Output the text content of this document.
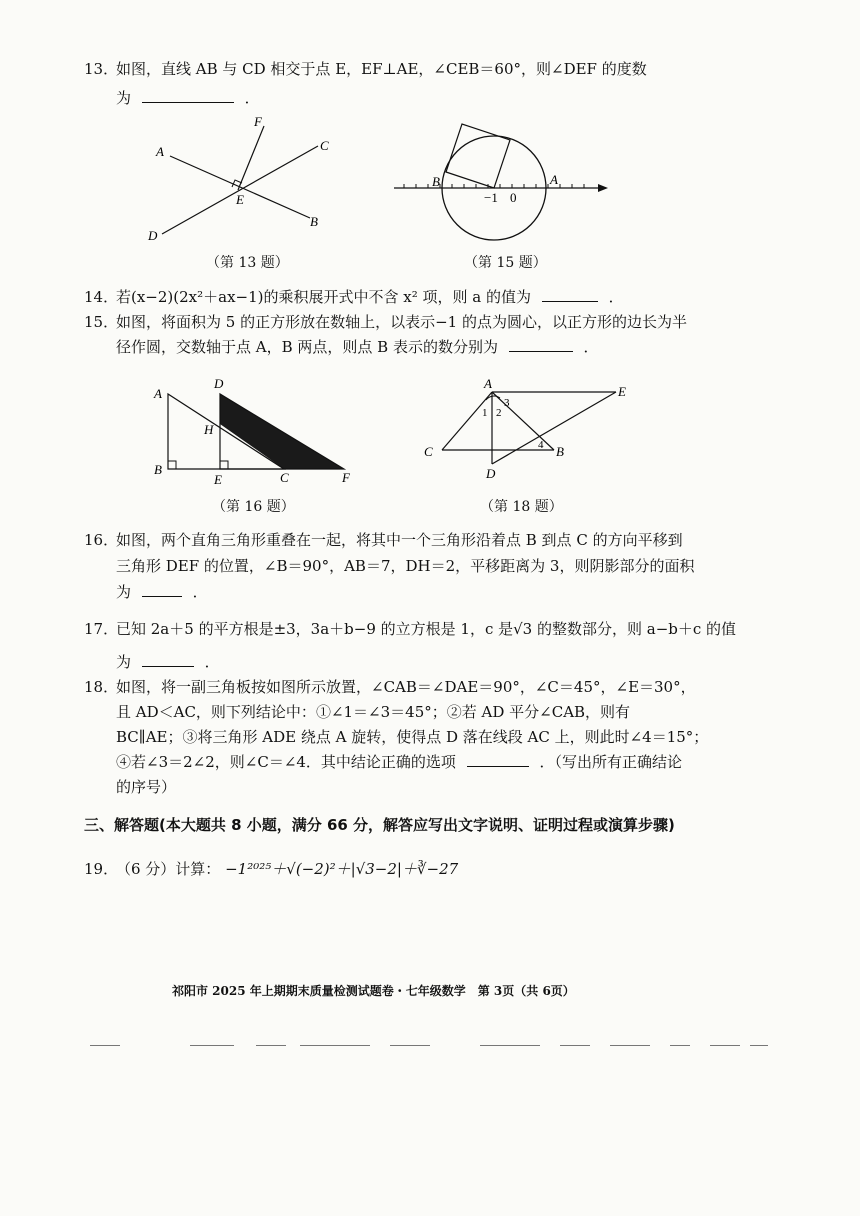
13．
如图，直线 AB 与 CD 相交于点 E，EF⊥AE，∠CEB＝60°，则∠DEF 的度数
为	．
A
B
C
D
E
F
（第 13 题）
B	A
−1 0
（第 15 题）
14．
若(x−2)(2x²＋ax−1)的乘积展开式中不含 x² 项，则 a 的值为	．
15．
如图，将面积为 5 的正方形放在数轴上，以表示−1 的点为圆心，以正方形的边长为半
径作圆，交数轴于点 A，B 两点，则点 B 表示的数分别为	．
A
B
D
H
E	C	F
（第 16 题）
A
E
C	B
D
1 2
3
4
（第 18 题）
16．
如图，两个直角三角形重叠在一起，将其中一个三角形沿着点 B 到点 C 的方向平移到
三角形 DEF 的位置，∠B＝90°，AB＝7，DH＝2，平移距离为 3，则阴影部分的面积
为	．
17．
已知 2a＋5 的平方根是±3，3a＋b−9 的立方根是 1，c 是√3 的整数部分，则 a−b＋c 的值
为	．
18．
如图，将一副三角板按如图所示放置，∠CAB＝∠DAE＝90°，∠C＝45°，∠E＝30°，
且 AD＜AC，则下列结论中：①∠1＝∠3＝45°；②若 AD 平分∠CAB，则有
BC∥AE；③将三角形 ADE 绕点 A 旋转，使得点 D 落在线段 AC 上，则此时∠4＝15°；
④若∠3＝2∠2，则∠C＝∠4．其中结论正确的选项	．（写出所有正确结论
的序号）
三、解答题(本大题共 8 小题，满分 66 分，解答应写出文字说明、证明过程或演算步骤)
19．
（6 分）计算： −1²⁰²⁵＋√(−2)²＋|√3−2|＋∛−27
祁阳市 2025 年上期期末质量检测试题卷・七年级数学　第 3页（共 6页）
